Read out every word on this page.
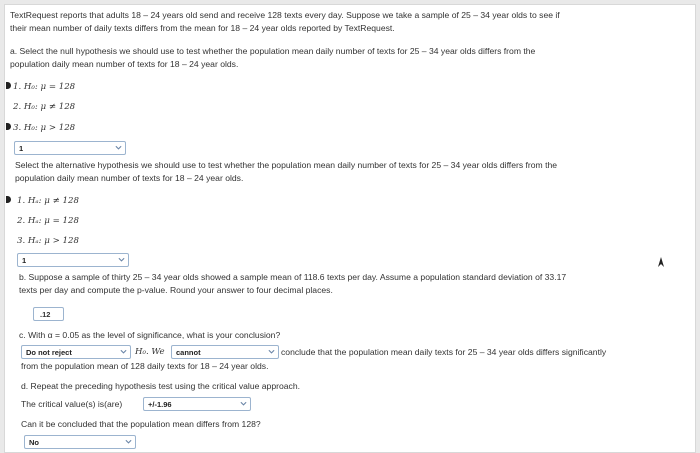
TextRequest reports that adults 18 – 24 years old send and receive 128 texts every day. Suppose we take a sample of 25 – 34 year olds to see if
their mean number of daily texts differs from the mean for 18 – 24 year olds reported by TextRequest.
a. Select the null hypothesis we should use to test whether the population mean daily number of texts for 25 – 34 year olds differs from the
population daily mean number of texts for 18 – 24 year olds.
1. H₀: μ = 128
2. H₀: μ ≠ 128
3. H₀: μ > 128
1
Select the alternative hypothesis we should use to test whether the population mean daily number of texts for 25 – 34 year olds differs from the
population daily mean number of texts for 18 – 24 year olds.
1. Hₐ: μ ≠ 128
2. Hₐ: μ = 128
3. Hₐ: μ > 128
1
b. Suppose a sample of thirty 25 – 34 year olds showed a sample mean of 118.6 texts per day. Assume a population standard deviation of 33.17
texts per day and compute the p-value. Round your answer to four decimal places.
.12
c. With α = 0.05 as the level of significance, what is your conclusion?
Do not reject	H₀. We	cannot	conclude that the population mean daily texts for 25 – 34 year olds differs significantly
from the population mean of 128 daily texts for 18 – 24 year olds.
d. Repeat the preceding hypothesis test using the critical value approach.
The critical value(s) is(are)	+/-1.96
Can it be concluded that the population mean differs from 128?
No
